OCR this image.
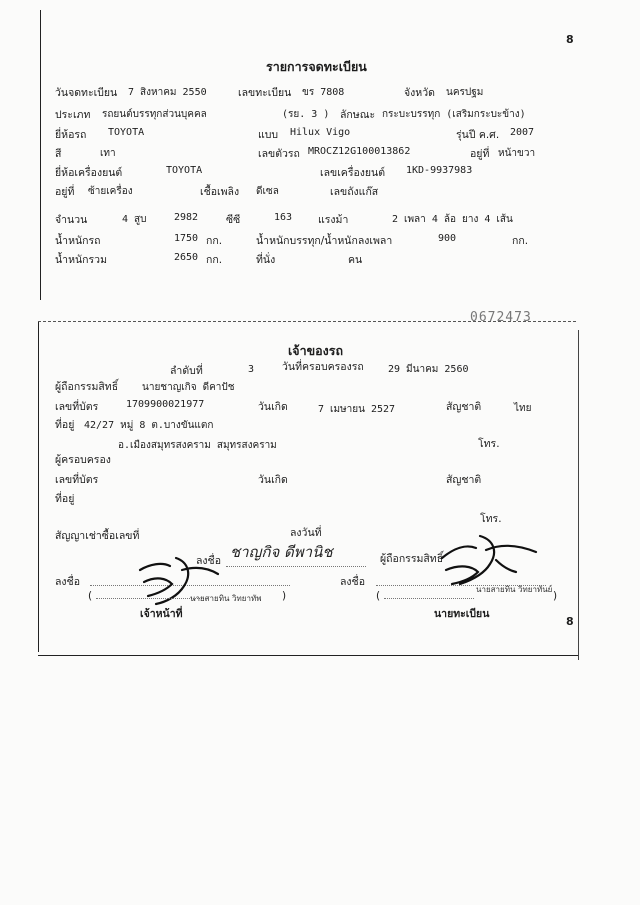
8
รายการจดทะเบียน
วันจดทะเบียน 7 สิงหาคม 2550	เลขทะเบียน ขร 7808	จังหวัด นครปฐม
ประเภท รถยนต์บรรทุกส่วนบุคคล	(รย. 3 ) ลักษณะ กระบะบรรทุก (เสริมกระบะข้าง)
ยี่ห้อรถ TOYOTA	แบบ Hilux Vigo	รุ่นปี ค.ศ. 2007
สี	เทา	เลขตัวรถ MROCZ12G100013862	อยู่ที่ หน้าขวา
ยี่ห้อเครื่องยนต์	TOYOTA	เลขเครื่องยนต์ 1KD-9937983
อยู่ที่ ซ้ายเครื่อง	เชื้อเพลิง ดีเซล	เลขถังแก๊ส
จำนวน	4 สูบ	2982	ซีซี	163 แรงม้า	2 เพลา 4 ล้อ ยาง 4 เส้น
น้ำหนักรถ	1750 กก.	น้ำหนักบรรทุก/น้ำหนักลงเพลา	900	กก.
น้ำหนักรวม	2650 กก.	ที่นั่ง	คน
0672473
เจ้าของรถ
ลำดับที่	3	วันที่ครอบครองรถ 29 มีนาคม 2560
ผู้ถือกรรมสิทธิ์ นายชาญเกิจ ดีคาปัช
เลขที่บัตร	1709900021977	วันเกิด	7 เมษายน 2527	สัญชาติ	ไทย
ที่อยู่ 42/27 หมู่ 8 ต.บางขันแตก
อ.เมืองสมุทรสงคราม สมุทรสงคราม	โทร.
ผู้ครอบครอง
เลขที่บัตร	วันเกิด	สัญชาติ
ที่อยู่
โทร.
สัญญาเช่าซื้อเลขที่	ลงวันที่
ลงชื่อ ชาญกิจ ดีพานิช	ผู้ถือกรรมสิทธิ์
ลงชื่อ	ลงชื่อ
(	นายสายทิน วิทยาทัพ )
เจ้าหน้าที่
(
นายสายทิน วิทยาทันย์
)
นายทะเบียน
8
